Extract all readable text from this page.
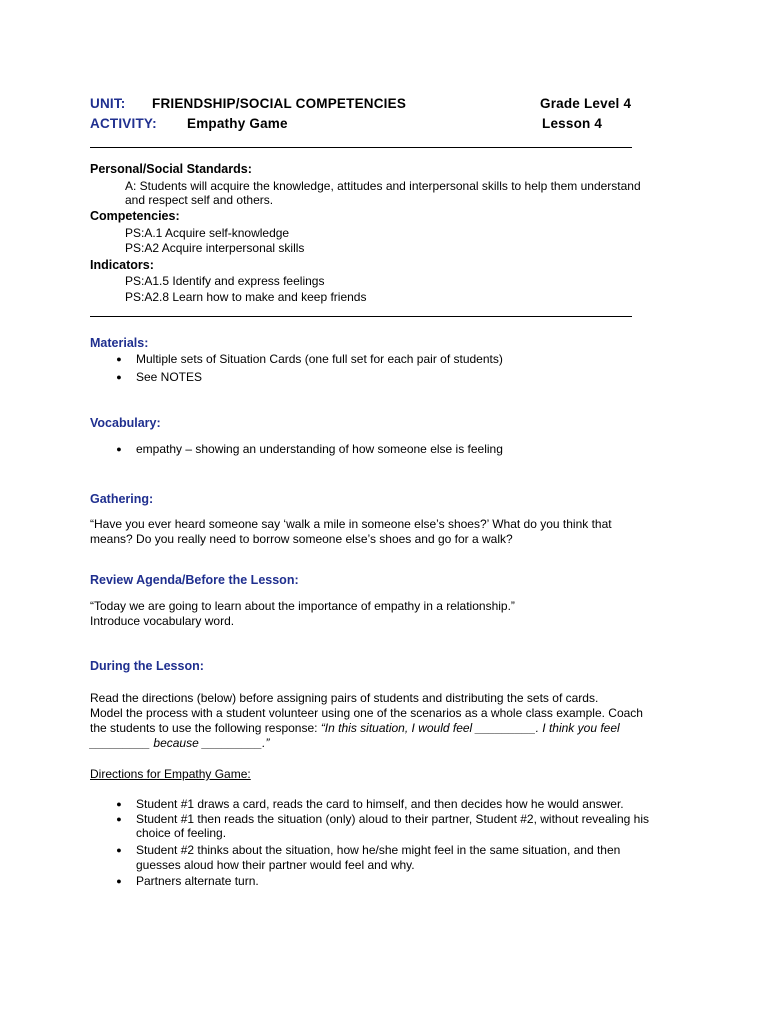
UNIT: FRIENDSHIP/SOCIAL COMPETENCIES	Grade Level 4
ACTIVITY: Empathy Game	Lesson 4
Personal/Social Standards:
A: Students will acquire the knowledge, attitudes and interpersonal skills to help them understand
and respect self and others.
Competencies:
PS:A.1 Acquire self-knowledge
PS:A2 Acquire interpersonal skills
Indicators:
PS:A1.5 Identify and express feelings
PS:A2.8 Learn how to make and keep friends
Materials:
● Multiple sets of Situation Cards (one full set for each pair of students)
● See NOTES
Vocabulary:
● empathy – showing an understanding of how someone else is feeling
Gathering:
“Have you ever heard someone say ‘walk a mile in someone else’s shoes?’ What do you think that
means? Do you really need to borrow someone else’s shoes and go for a walk?
Review Agenda/Before the Lesson:
“Today we are going to learn about the importance of empathy in a relationship.”
Introduce vocabulary word.
During the Lesson:
Read the directions (below) before assigning pairs of students and distributing the sets of cards.
Model the process with a student volunteer using one of the scenarios as a whole class example. Coach
the students to use the following response: “In this situation, I would feel _________. I think you feel
_________ because _________.”
Directions for Empathy Game:
● Student #1 draws a card, reads the card to himself, and then decides how he would answer.
● Student #1 then reads the situation (only) aloud to their partner, Student #2, without revealing his
choice of feeling.
● Student #2 thinks about the situation, how he/she might feel in the same situation, and then
guesses aloud how their partner would feel and why.
● Partners alternate turn.
